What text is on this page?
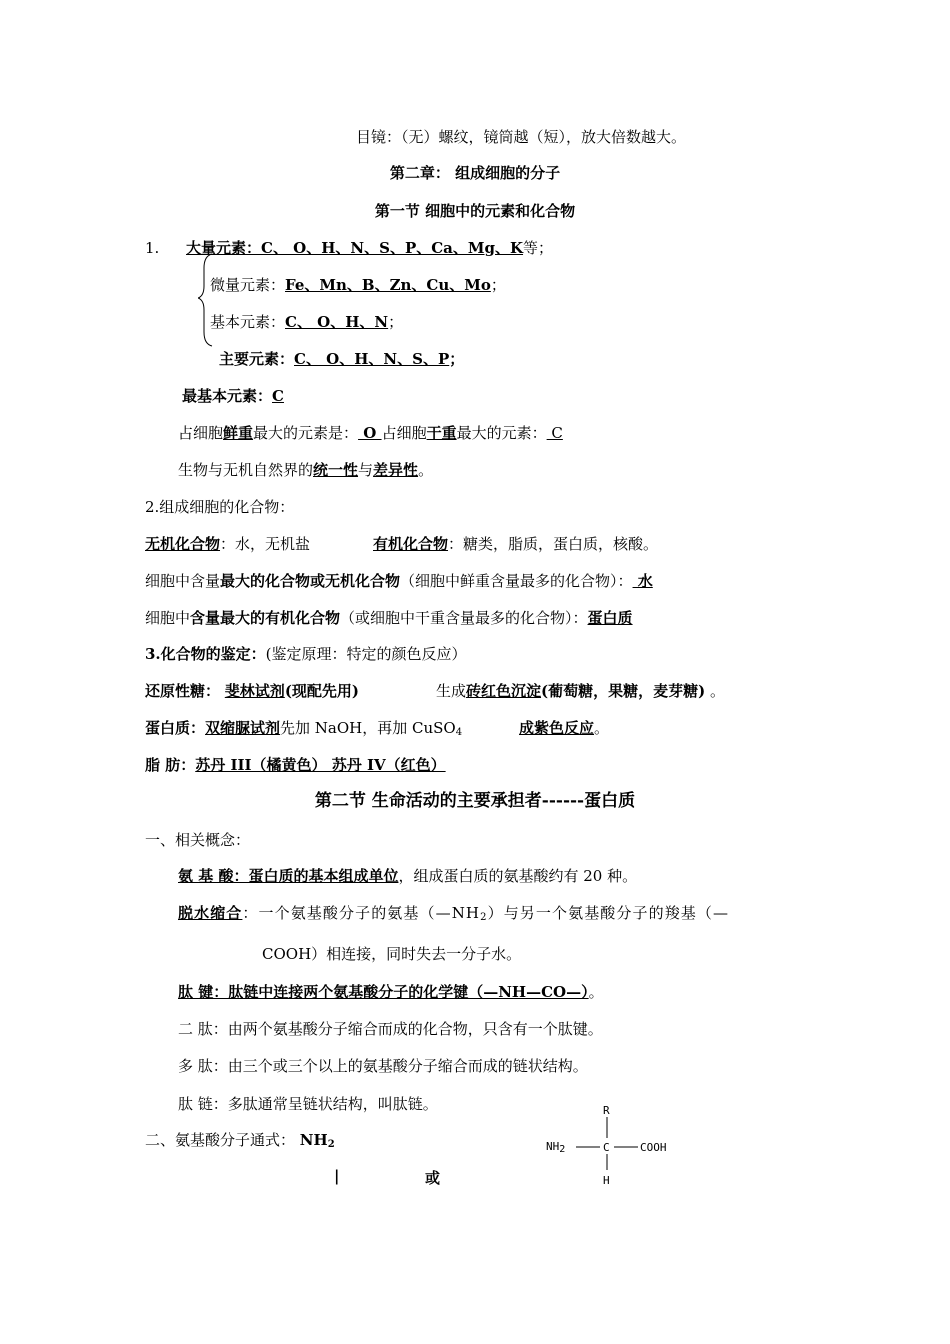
目镜：（无）螺纹，镜筒越（短），放大倍数越大。
第二章： 组成细胞的分子
第一节 细胞中的元素和化合物
1. 大量元素：C、 O、H、N、S、P、Ca、Mg、K等；
微量元素：Fe、Mn、B、Zn、Cu、Mo；
基本元素：C、 O、H、N；
主要元素：C、 O、H、N、S、P；
最基本元素：C
占细胞鲜重最大的元素是： O 占细胞干重最大的元素： C
生物与无机自然界的统一性与差异性。
2.组成细胞的化合物：
无机化合物：水，无机盐	有机化合物：糖类，脂质，蛋白质，核酸。
细胞中含量最大的化合物或无机化合物（细胞中鲜重含量最多的化合物）： 水
细胞中含量最大的有机化合物（或细胞中干重含量最多的化合物）：蛋白质
3.化合物的鉴定：(鉴定原理：特定的颜色反应）
还原性糖： 斐林试剂(现配先用)	生成砖红色沉淀(葡萄糖，果糖，麦芽糖) 。
蛋白质：双缩脲试剂先加 NaOH，再加 CuSO$_4$	成紫色反应。
脂 肪：苏丹 III（橘黄色） 苏丹 IV（红色）
第二节 生命活动的主要承担者------蛋白质
一、相关概念：
氨 基 酸：蛋白质的基本组成单位，组成蛋白质的氨基酸约有 20 种。
脱水缩合：一个氨基酸分子的氨基$(—NH_2)$与另一个氨基酸分子的羧基（—
COOH）相连接，同时失去一分子水。
肽 键：肽链中连接两个氨基酸分子的化学键（—NH—CO—）。
二 肽：由两个氨基酸分子缩合而成的化合物，只含有一个肽键。
多 肽：由三个或三个以上的氨基酸分子缩合而成的链状结构。
肽 链：多肽通常呈链状结构，叫肽链。
二、氨基酸分子通式： $NH_2$
|	或
R
$NH_2$	C	COOH
H
